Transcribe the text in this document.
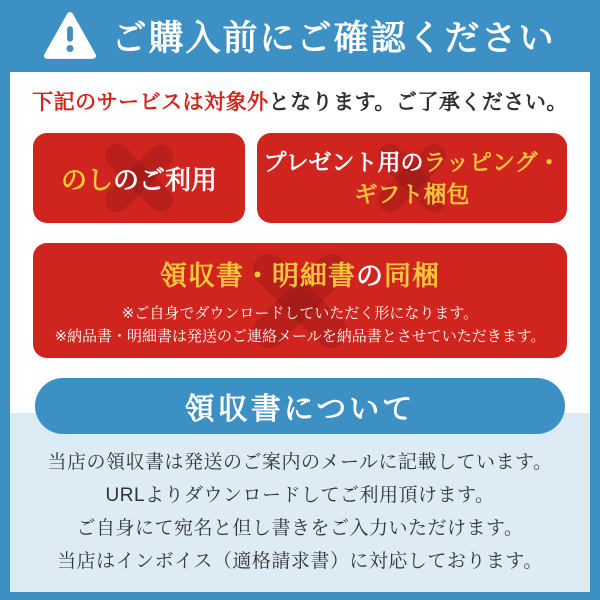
ご購入前にご確認ください
下記のサービスは対象外となります。ご了承ください。
のしのご利用
プレゼント用のラッピング・
ギフト梱包
領収書・明細書の同梱
※ご自身でダウンロードしていただく形になります。
※納品書・明細書は発送のご連絡メールを納品書とさせていただきます。
当店の領収書は発送のご案内のメールに記載しています。
URLよりダウンロードしてご利用頂けます。
ご自身にて宛名と但し書きをご入力いただけます。
当店はインボイス（適格請求書）に対応しております。
領収書について
